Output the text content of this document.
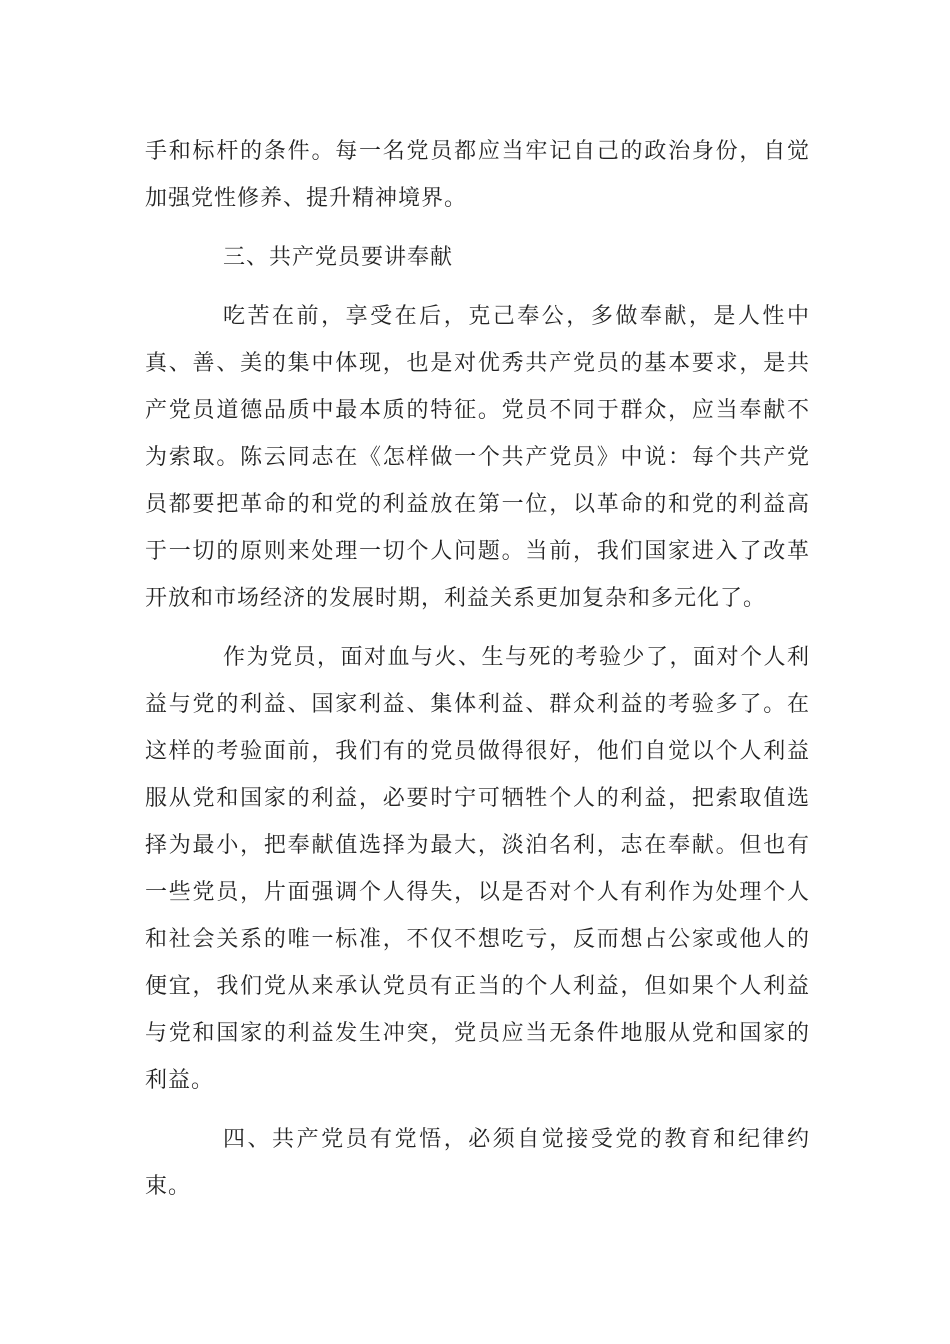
手和标杆的条件。每一名党员都应当牢记自己的政治身份，自觉加强党性修养、提升精神境界。

三、共产党员要讲奉献

吃苦在前，享受在后，克己奉公，多做奉献，是人性中真、善、美的集中体现，也是对优秀共产党员的基本要求，是共产党员道德品质中最本质的特征。党员不同于群众，应当奉献不为索取。陈云同志在《怎样做一个共产党员》中说：每个共产党员都要把革命的和党的利益放在第一位，以革命的和党的利益高于一切的原则来处理一切个人问题。当前，我们国家进入了改革开放和市场经济的发展时期，利益关系更加复杂和多元化了。

作为党员，面对血与火、生与死的考验少了，面对个人利益与党的利益、国家利益、集体利益、群众利益的考验多了。在这样的考验面前，我们有的党员做得很好，他们自觉以个人利益服从党和国家的利益，必要时宁可牺牲个人的利益，把索取值选择为最小，把奉献值选择为最大，淡泊名利，志在奉献。但也有一些党员，片面强调个人得失，以是否对个人有利作为处理个人和社会关系的唯一标准，不仅不想吃亏，反而想占公家或他人的便宜，我们党从来承认党员有正当的个人利益，但如果个人利益与党和国家的利益发生冲突，党员应当无条件地服从党和国家的利益。

四、共产党员有党悟，必须自觉接受党的教育和纪律约束。
